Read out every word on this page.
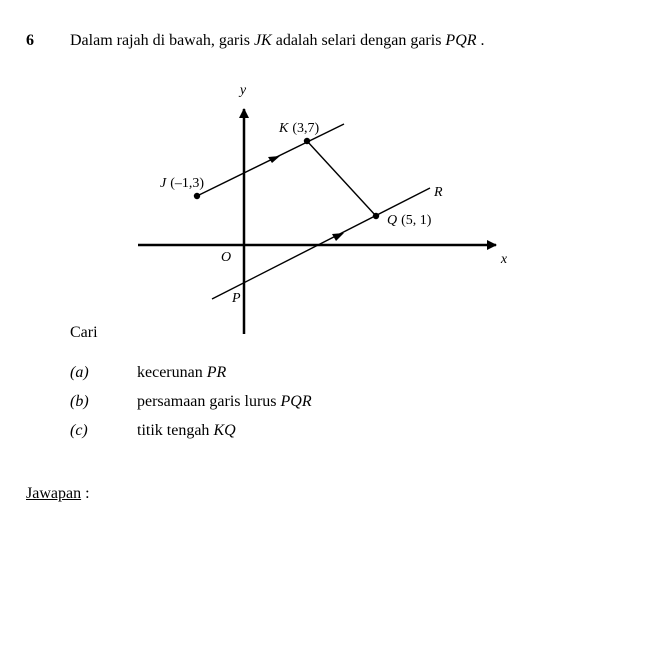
6 Dalam rajah di bawah, garis JK adalah selari dengan garis PQR .
y
x
O
K (3,7)
J (–1,3)
Q (5, 1)
R
P
Cari
(a)	kecerunan PR
(b)	persamaan garis lurus PQR
(c)	titik tengah KQ
Jawapan :
